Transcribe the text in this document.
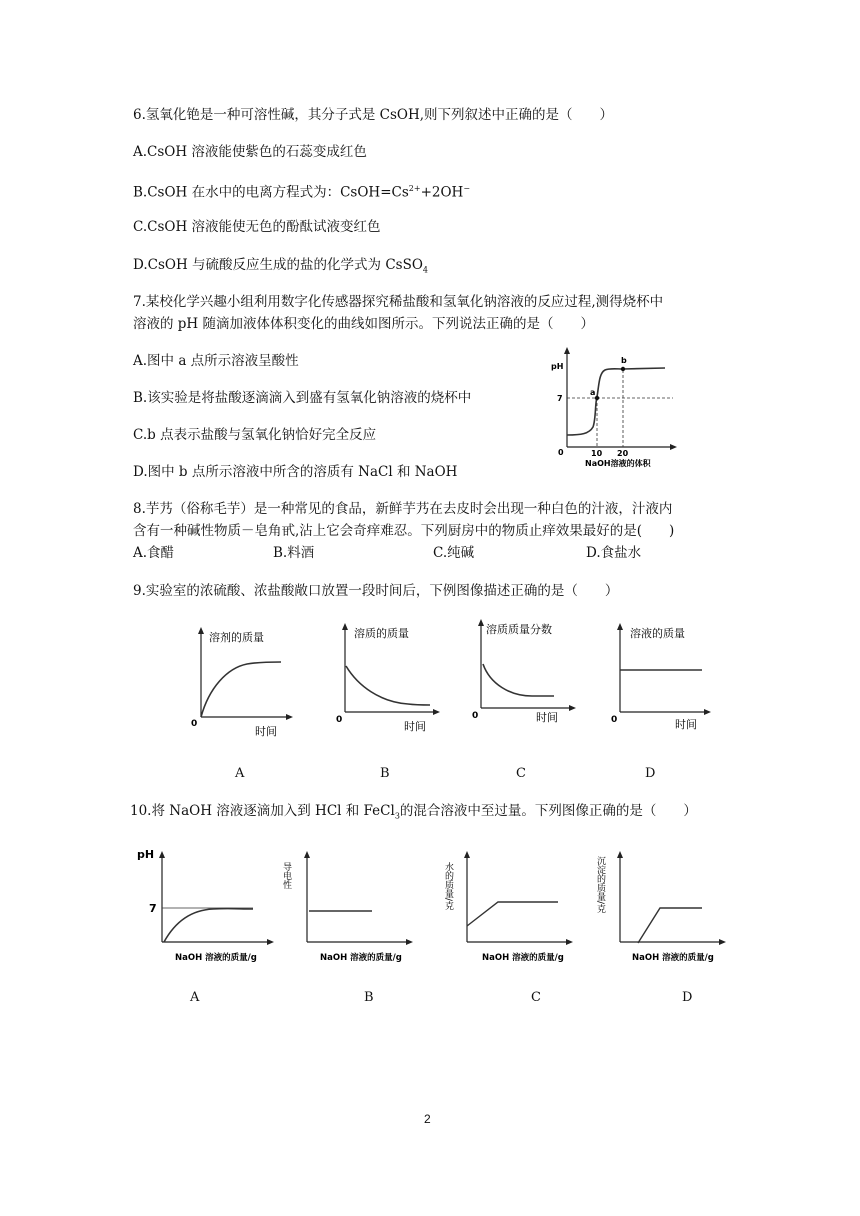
6.氢氧化铯是一种可溶性碱，其分子式是 CsOH,则下列叙述中正确的是（　　）
A.CsOH 溶液能使紫色的石蕊变成红色
B.CsOH 在水中的电离方程式为：$CsOH=Cs^{2+}+2OH^-$
C.CsOH 溶液能使无色的酚酞试液变红色
D.CsOH 与硫酸反应生成的盐的化学式为 CsSO$_4$
7.某校化学兴趣小组利用数字化传感器探究稀盐酸和氢氧化钠溶液的反应过程,测得烧杯中
溶液的 pH 随滴加液体体积变化的曲线如图所示。下列说法正确的是（　　）
A.图中 a 点所示溶液呈酸性
B.该实验是将盐酸逐滴滴入到盛有氢氧化钠溶液的烧杯中
C.b 点表示盐酸与氢氧化钠恰好完全反应
D.图中 b 点所示溶液中所含的溶质有 NaCl 和 NaOH
pH
7
0	10 20
NaOH溶液的体积
a
b
8.芋艿（俗称毛芋）是一种常见的食品，新鲜芋艿在去皮时会出现一种白色的汁液，汁液内
含有一种碱性物质－皂角甙,沾上它会奇痒难忍。下列厨房中的物质止痒效果最好的是(　　)
A.食醋	B.料酒	C.纯碱	D.食盐水
9.实验室的浓硫酸、浓盐酸敞口放置一段时间后，下例图像描述正确的是（　　）
溶剂的质量
时间
0
溶质的质量
时间
0
溶质质量分数
时间
0
溶液的质量
时间
0
A	B	C	D
10.将 NaOH 溶液逐滴加入到 HCl 和 FeCl$_3$的混合溶液中至过量。下列图像正确的是（　　）
pH
7
NaOH 溶液的质量/g
导电性
NaOH 溶液的质量/g
水的质量/克
NaOH 溶液的质量/g
沉淀的质量/克
NaOH 溶液的质量/g
A	B	C	D
2
